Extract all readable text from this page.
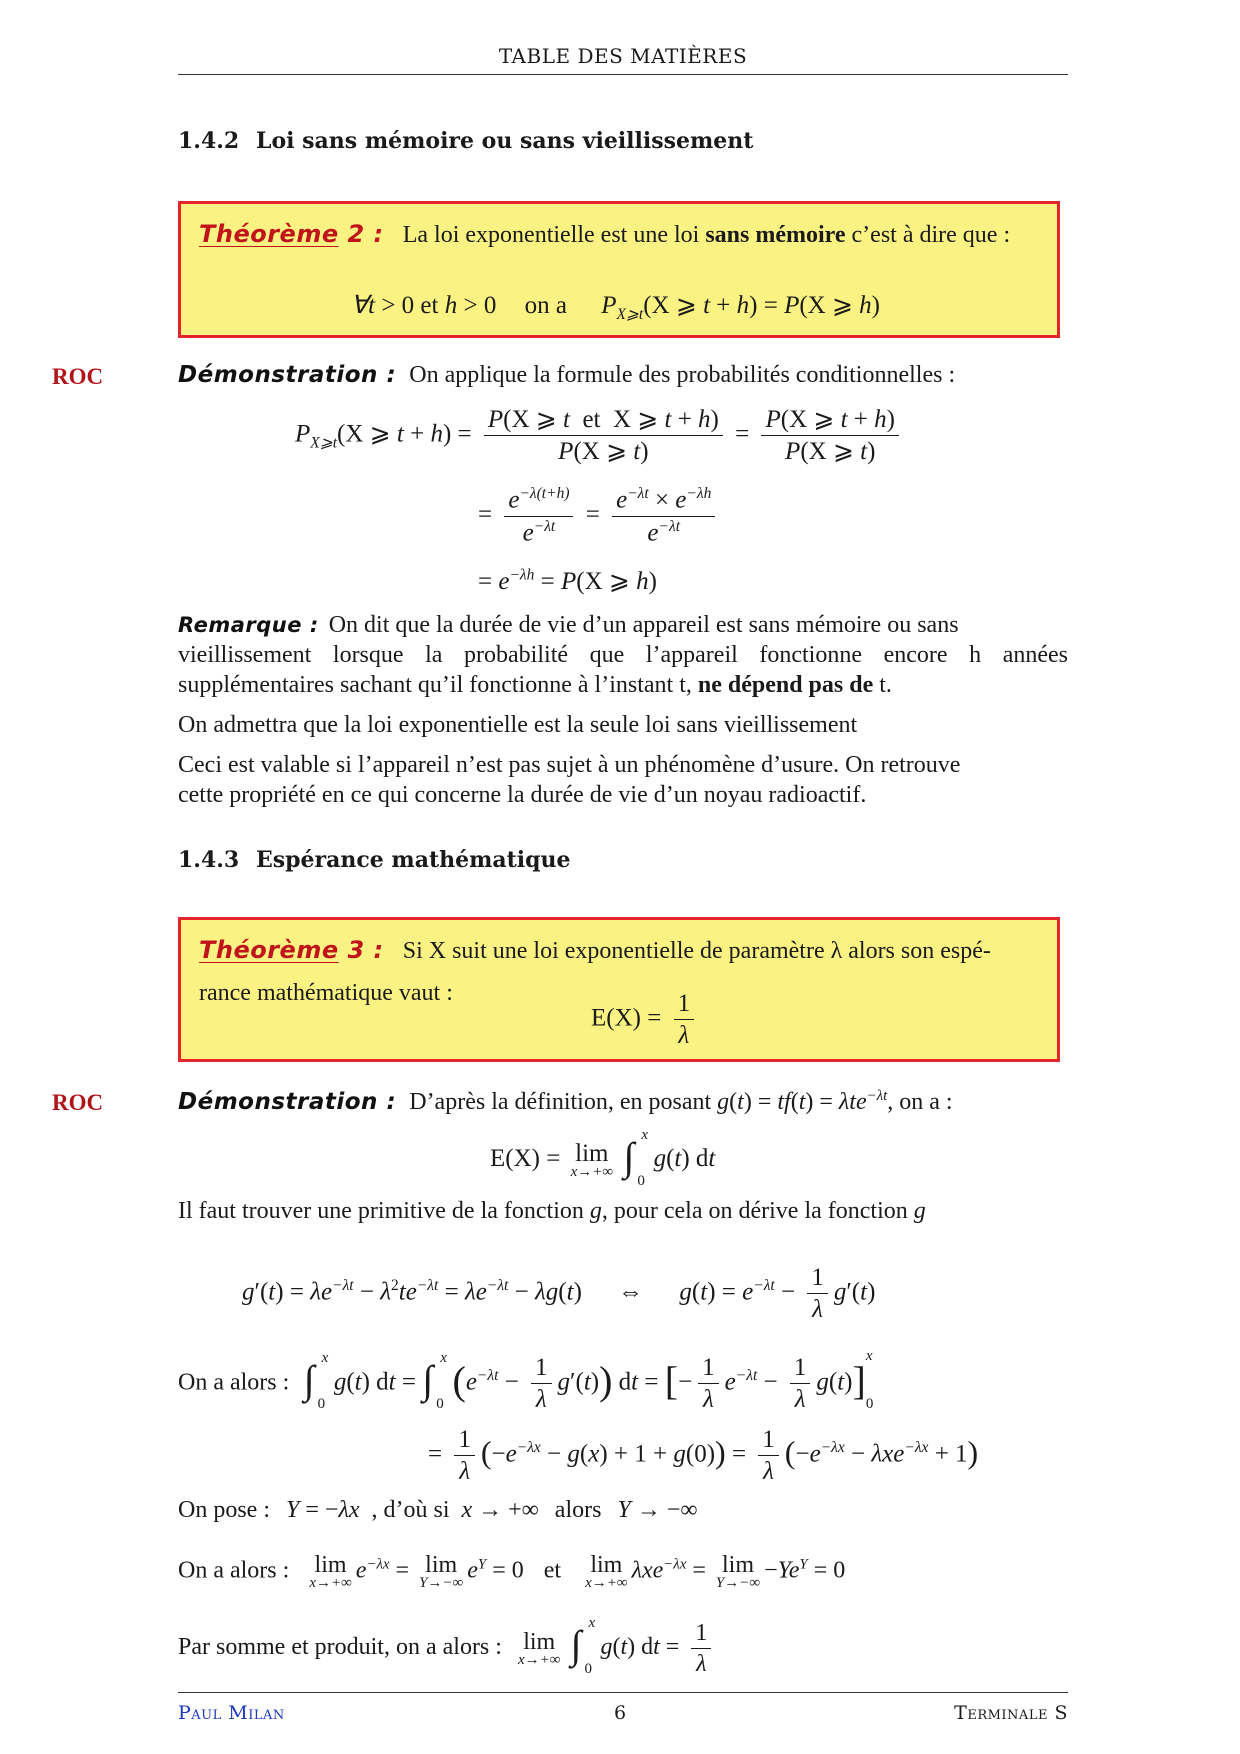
TABLE DES MATIÈRES
1.4.2 Loi sans mémoire ou sans vieillissement
Théorème 2 : La loi exponentielle est une loi sans mémoire c’est à dire que :
∀t > 0 et h > 0 on a $P_{X⩾t}(X$ ⩾ t + h) = P(X ⩾ h)
ROC	Démonstration : On applique la formule des probabilités conditionnelles :
$P_{X⩾t}(X$ ⩾ $t + h) = \frac{\text{P(X ⩾ t  et  X ⩾ t + h)}}{P(X ⩾ t)} = \frac{P(X ⩾ t + h)}{P(X ⩾ t)}$
= $\frac{e^{-\lambda(t+h)}}{e^{-\lambda t}} = \frac{e^{-\lambda t} \times e^{-\lambda h}}{e^{-\lambda t}}$
= $e^{-\lambda h} = P(X$ ⩾ h)
Remarque : On dit que la durée de vie d’un appareil est sans mémoire ou sans
vieillissement lorsque la probabilité que l’appareil fonctionne encore h années
supplémentaires sachant qu’il fonctionne à l’instant t, ne dépend pas de t.
On admettra que la loi exponentielle est la seule loi sans vieillissement
Ceci est valable si l’appareil n’est pas sujet à un phénomène d’usure. On retrouve
cette propriété en ce qui concerne la durée de vie d’un noyau radioactif.
1.4.3 Espérance mathématique
Théorème 3 : Si X suit une loi exponentielle de paramètre λ alors son espé-
rance mathématique vaut :
$E(X) = \frac{1}{\lambda}$
ROC	Démonstration : D’après la définition, en posant g(t) = tf(t) = λte$^{-\lambda t}$, on a :
E(X) = lim
x→+∞
∫ x
0
g(t) dt
Il faut trouver une primitive de la fonction g, pour cela on dérive la fonction g
$g'(t) = \lambda e^{-\lambda t} - \lambda^2te^{-\lambda t} = \lambda e^{-\lambda t} - \lambda g(t)$ ⇔ $g(t) = e^{-\lambda t} - \frac{1}{\lambda} g'(t)$
On a alors : ∫ x
0
g(t) dt = ∫ x
0
$(e^{-\lambda t} - \frac{1}{\lambda} g'(t))$ dt = [− $\frac{1}{\lambda} e^{-\lambda t} - \frac{1}{\lambda} g(t)$]
x
0
= $\frac{1}{\lambda} (-e^{-\lambda x} - g(x) + 1 + g(0)) = \frac{1}{\lambda} (-e^{-\lambda x} - \lambda xe^{-\lambda x} + 1)$
On pose : Y = −λx , d’où si x → +∞ alors Y → −∞
On a alors : lim
x→+∞ $e^{-\lambda x} = \lim$
Y→−∞ $e^Y = 0$ et lim
x→+∞ λxe$^{-\lambda x}$ = lim
$Y\to-\infty -Ye^Y = 0$
Par somme et produit, on a alors : lim
x→+∞
∫ x
0
g(t) dt = $\frac{1}{\lambda}$
Paul Milan	6	Terminale S
